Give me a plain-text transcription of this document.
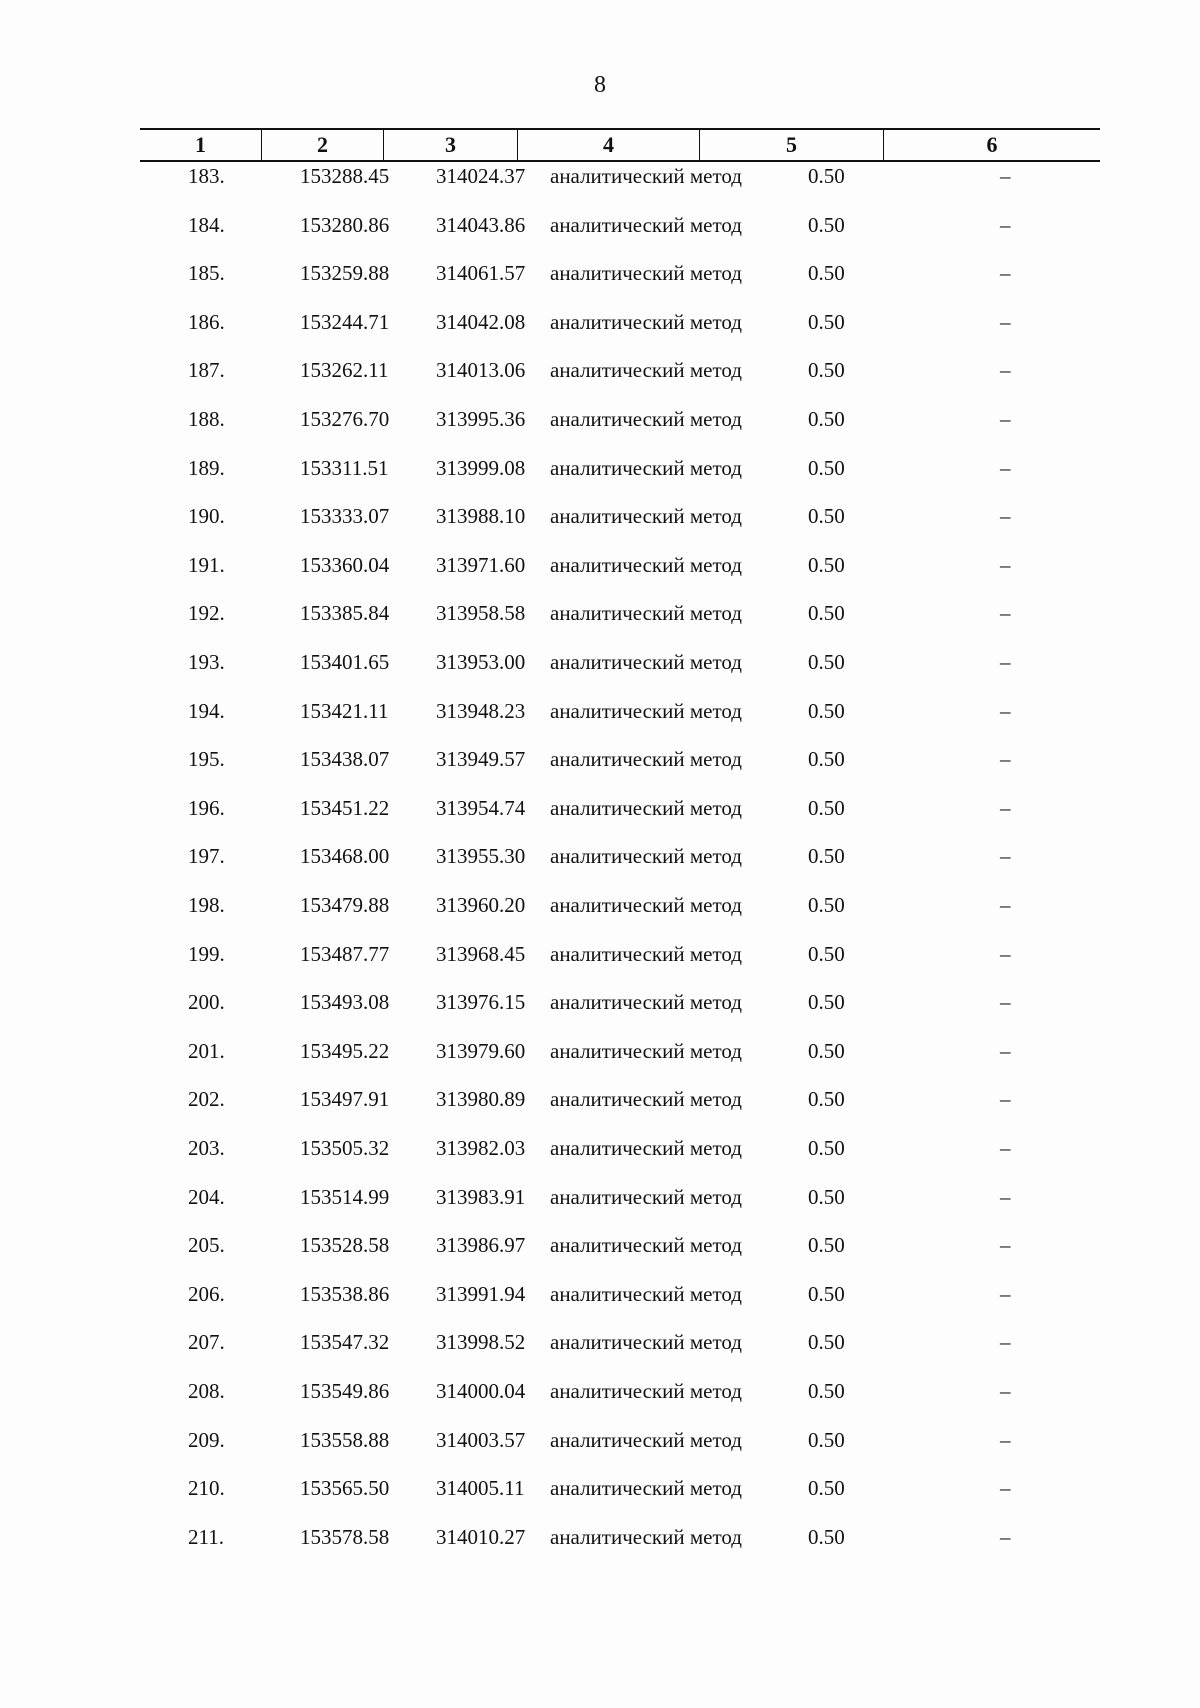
8
1	2	3	4	5	6
183.	153288.45 314024.37 аналитический метод	0.50	–
184.	153280.86 314043.86 аналитический метод	0.50	–
185.	153259.88 314061.57 аналитический метод	0.50	–
186.	153244.71 314042.08 аналитический метод	0.50	–
187.	153262.11 314013.06 аналитический метод	0.50	–
188.	153276.70 313995.36 аналитический метод	0.50	–
189.	153311.51 313999.08 аналитический метод	0.50	–
190.	153333.07 313988.10 аналитический метод	0.50	–
191.	153360.04 313971.60 аналитический метод	0.50	–
192.	153385.84 313958.58 аналитический метод	0.50	–
193.	153401.65 313953.00 аналитический метод	0.50	–
194.	153421.11 313948.23 аналитический метод	0.50	–
195.	153438.07 313949.57 аналитический метод	0.50	–
196.	153451.22 313954.74 аналитический метод	0.50	–
197.	153468.00 313955.30 аналитический метод	0.50	–
198.	153479.88 313960.20 аналитический метод	0.50	–
199.	153487.77 313968.45 аналитический метод	0.50	–
200.	153493.08 313976.15 аналитический метод	0.50	–
201.	153495.22 313979.60 аналитический метод	0.50	–
202.	153497.91 313980.89 аналитический метод	0.50	–
203.	153505.32 313982.03 аналитический метод	0.50	–
204.	153514.99 313983.91 аналитический метод	0.50	–
205.	153528.58 313986.97 аналитический метод	0.50	–
206.	153538.86 313991.94 аналитический метод	0.50	–
207.	153547.32 313998.52 аналитический метод	0.50	–
208.	153549.86 314000.04 аналитический метод	0.50	–
209.	153558.88 314003.57 аналитический метод	0.50	–
210.	153565.50 314005.11 аналитический метод	0.50	–
211.	153578.58 314010.27 аналитический метод	0.50	–
